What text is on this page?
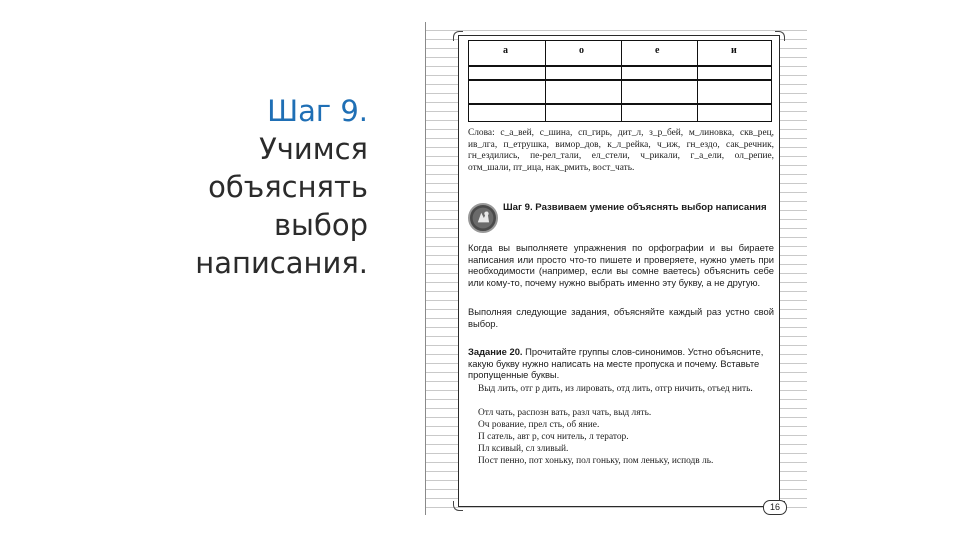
Шаг 9.
Учимся
объяснять
выбор
написания.
а	о	е	и
Слова: с_а_вей, с_шина, сп_гирь, дит_л, з_р_бей, м_линовка, скв_рец, ив_лга, п_етрушка, вимор_дов, к_л_рейка, ч_иж, гн_ездо, сак_речник, гн_ездились, пе-рел_тали, ел_стели, ч_рикали, г_а_ели, ол_репие, отм_шали, пт_ица, нак_рмить, вост_чать.
Шаг 9. Развиваем умение объяснять выбор написания
Когда вы выполняете упражнения по орфографии и вы бираете написания или просто что-то пишете и проверяете, нужно уметь при необходимости (например, если вы сомне ваетесь) объяснить себе или кому-то, почему нужно выбрать именно эту букву, а не другую.
Выполняя следующие задания, объясняйте каждый раз устно свой выбор.
Задание 20. Прочитайте группы слов-синонимов. Устно объясните, какую букву нужно написать на месте пропуска и почему. Вставьте пропущенные буквы.
Выд лить, отг р дить, из лировать, отд лить, отгр ничить, отъед нить.
Отл чать, распозн вать, разл чать, выд лять.
Оч рование, прел сть, об яние.
П сатель, авт р, соч нитель, л тератор.
Пл ксивый, сл зливый.
Пост пенно, пот хоньку, пол гоньку, пом леньку, исподв ль.
16
